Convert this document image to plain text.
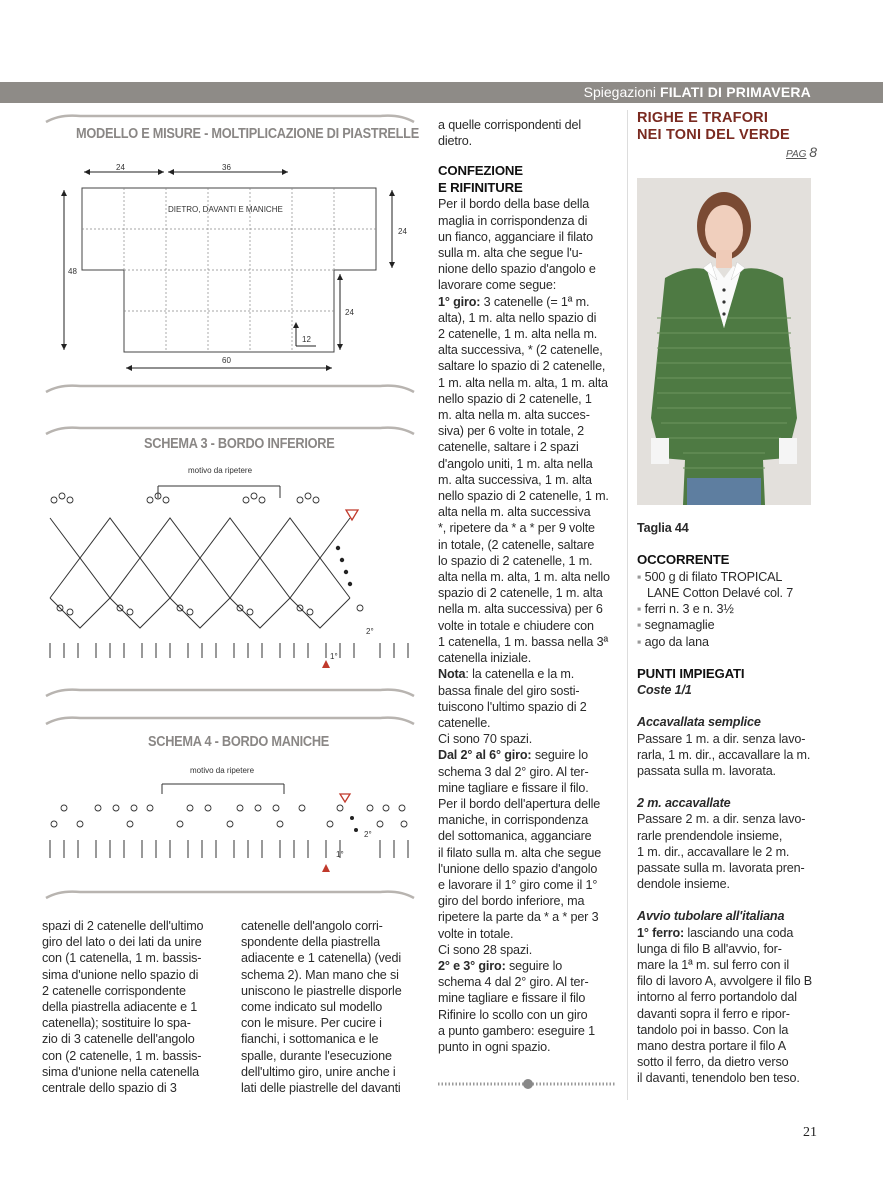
Spiegazioni FILATI DI PRIMAVERA
MODELLO E MISURE - MOLTIPLICAZIONE DI PIASTRELLE
24	36
48
24
24
12
60
DIETRO, DAVANTI E MANICHE
SCHEMA 3 - BORDO INFERIORE
motivo da ripetere
2°
1°
SCHEMA 4 - BORDO MANICHE
motivo da ripetere
2°
1°

spazi di 2 catenelle dell'ultimo

giro del lato o dei lati da unire

con (1 catenella, 1 m. bassis-

sima d'unione nello spazio di

2 catenelle corrispondente

della piastrella adiacente e 1

catenella); sostituire lo spa-

zio di 3 catenelle dell'angolo

con (2 catenelle, 1 m. bassis-

sima d'unione nella catenella

centrale dello spazio di 3

catenelle dell'angolo corri-

spondente della piastrella

adiacente e 1 catenella) (vedi

schema 2). Man mano che si

uniscono le piastrelle disporle

come indicato sul modello

con le misure. Per cucire i

fianchi, i sottomanica e le

spalle, durante l'esecuzione

dell'ultimo giro, unire anche i

lati delle piastrelle del davanti

a quelle corrispondenti del

dietro.

CONFEZIONE

E RIFINITURE

Per il bordo della base della

maglia in corrispondenza di

un fianco, agganciare il filato

sulla m. alta che segue l'u-

nione dello spazio d'angolo e

lavorare come segue:

1° giro: 3 catenelle (= 1ª m.

alta), 1 m. alta nello spazio di

2 catenelle, 1 m. alta nella m.

alta successiva, * (2 catenelle,

saltare lo spazio di 2 catenelle,

1 m. alta nella m. alta, 1 m. alta

nello spazio di 2 catenelle, 1

m. alta nella m. alta succes-

siva) per 6 volte in totale, 2

catenelle, saltare i 2 spazi

d'angolo uniti, 1 m. alta nella

m. alta successiva, 1 m. alta

nello spazio di 2 catenelle, 1 m.

alta nella m. alta successiva

*, ripetere da * a * per 9 volte

in totale, (2 catenelle, saltare

lo spazio di 2 catenelle, 1 m.

alta nella m. alta, 1 m. alta nello

spazio di 2 catenelle, 1 m. alta

nella m. alta successiva) per 6

volte in totale e chiudere con

1 catenella, 1 m. bassa nella 3ª

catenella iniziale.

Nota: la catenella e la m.

bassa finale del giro sosti-

tuiscono l'ultimo spazio di 2

catenelle.

Ci sono 70 spazi.

Dal 2° al 6° giro: seguire lo

schema 3 dal 2° giro. Al ter-

mine tagliare e fissare il filo.

Per il bordo dell'apertura delle

maniche, in corrispondenza

del sottomanica, agganciare

il filato sulla m. alta che segue

l'unione dello spazio d'angolo

e lavorare il 1° giro come il 1°

giro del bordo inferiore, ma

ripetere la parte da * a * per 3

volte in totale.

Ci sono 28 spazi.

2° e 3° giro: seguire lo

schema 4 dal 2° giro. Al ter-

mine tagliare e fissare il filo

Rifinire lo scollo con un giro

a punto gambero: eseguire 1

punto in ogni spazio.

RIGHE E TRAFORI
NEI TONI DEL VERDE
PAG 8

Taglia 44

OCCORRENTE

▪ 500 g di filato TROPICAL

LANE Cotton Delavé col. 7

▪ ferri n. 3 e n. 3½

▪ segnamaglie

▪ ago da lana

PUNTI IMPIEGATI

Coste 1/1

Accavallata semplice

Passare 1 m. a dir. senza lavo-

rarla, 1 m. dir., accavallare la m.

passata sulla m. lavorata.

2 m. accavallate

Passare 2 m. a dir. senza lavo-

rarle prendendole insieme,

1 m. dir., accavallare le 2 m.

passate sulla m. lavorata pren-

dendole insieme.

Avvio tubolare all'italiana

1° ferro: lasciando una coda

lunga di filo B all'avvio, for-

mare la 1ª m. sul ferro con il

filo di lavoro A, avvolgere il filo B

intorno al ferro portandolo dal

davanti sopra il ferro e ripor-

tandolo poi in basso. Con la

mano destra portare il filo A

sotto il ferro, da dietro verso

il davanti, tenendolo ben teso.

21
